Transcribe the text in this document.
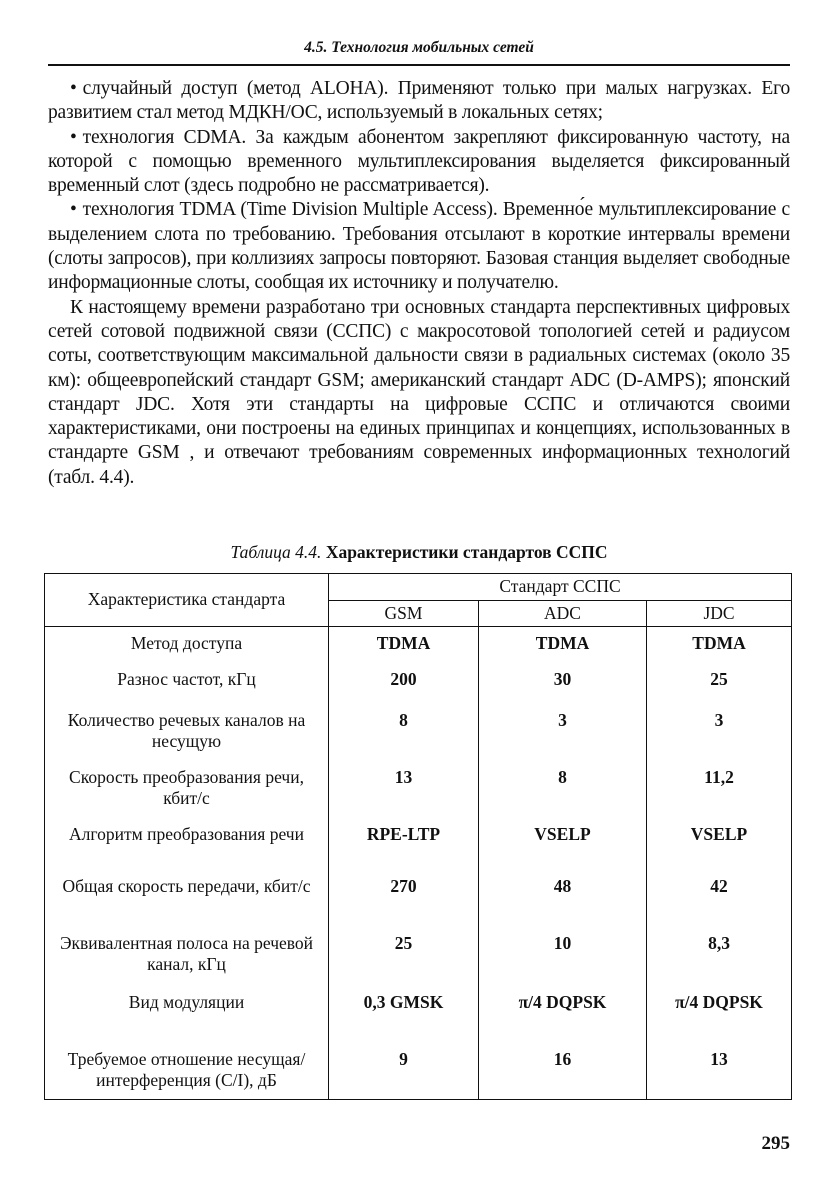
4.5. Технология мобильных сетей

• случайный доступ (метод ALOHA). Применяют только при малых нагрузках. Его развитием стал метод МДКН/ОС, используемый в локальных сетях;

• технология CDMA. За каждым абонентом закрепляют фиксированную частоту, на которой с помощью временного мультиплексирования выделяется фиксированный временный слот (здесь подробно не рассматривается).

• технология TDMA (Time Division Multiple Access). Временно́е мультиплексирование с выделением слота по требованию. Требования отсылают в короткие интервалы времени (слоты запросов), при коллизиях запросы повторяют. Базовая станция выделяет свободные информационные слоты, сообщая их источнику и получателю.

К настоящему времени разработано три основных стандарта перспективных цифровых сетей сотовой подвижной связи (ССПС) с макросотовой топологией сетей и радиусом соты, соответствующим максимальной дальности связи в радиальных системах (около 35 км): общеевропейский стандарт GSM; американский стандарт ADC (D-AMPS); японский стандарт JDC. Хотя эти стандарты на цифровые ССПС и отличаются своими характеристиками, они построены на единых принципах и концепциях, использованных в стандарте GSM , и отвечают требованиям современных информационных технологий (табл. 4.4).

Таблица 4.4. Характеристики стандартов ССПС
Характеристика стандарта	Стандарт ССПС		
	GSM	ADC	JDC
Метод доступа	TDMA	TDMA	TDMA
Разнос частот, кГц	200	30	25
Количество речевых каналов на несущую	8	3	3
Скорость преобразования речи, кбит/с	13	8	11,2
Алгоритм преобразования речи	RPE-LTP	VSELP	VSELP
Общая скорость передачи, кбит/с	270	48	42
Эквивалентная полоса на речевой канал, кГц	25	10	8,3
Вид модуляции	0,3 GMSK	π/4 DQPSK	π/4 DQPSK
Требуемое отношение несущая/интерференция (С/І), дБ	9	16	13
295
